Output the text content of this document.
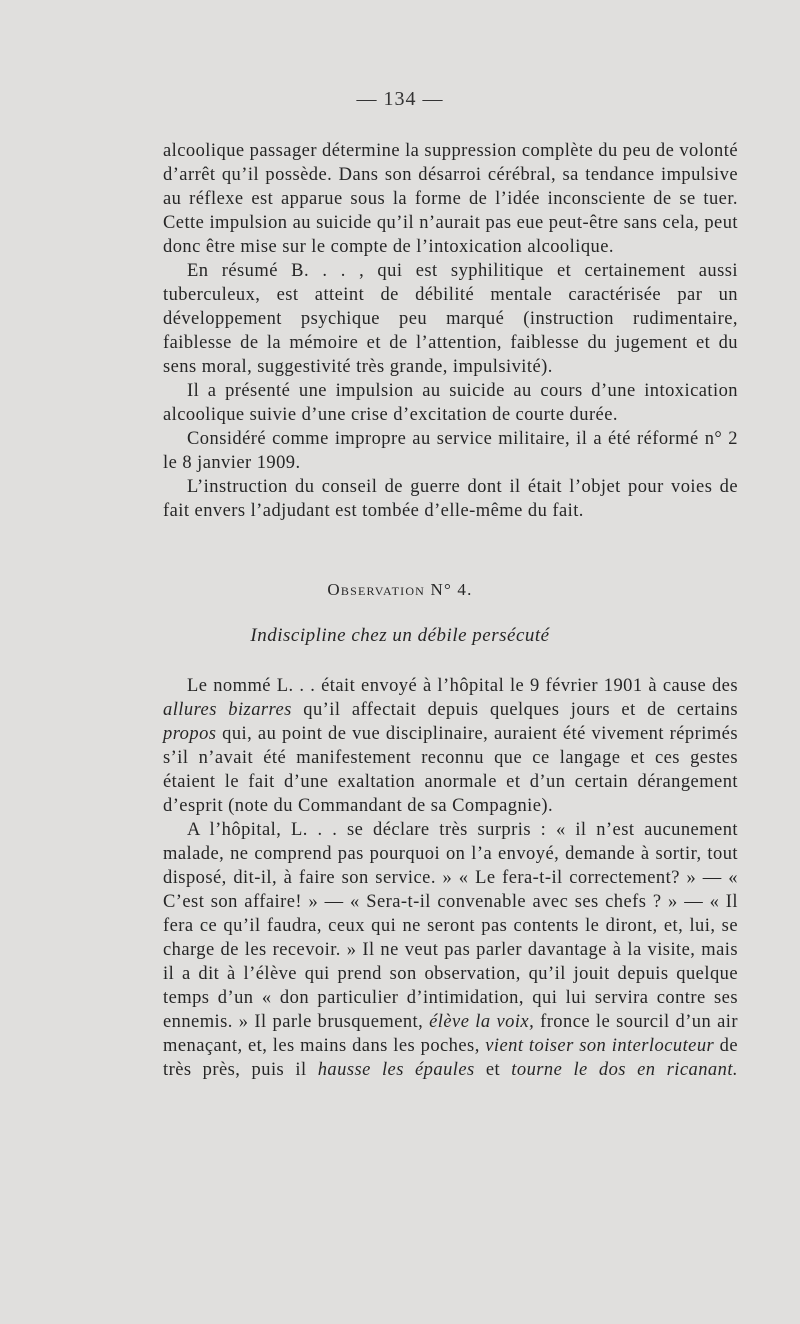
— 134 —

alcoolique passager détermine la suppression complète du peu de volonté d’arrêt qu’il possède. Dans son désarroi cérébral, sa tendance impulsive au réflexe est apparue sous la forme de l’idée inconsciente de se tuer. Cette impulsion au suicide qu’il n’aurait pas eue peut-être sans cela, peut donc être mise sur le compte de l’intoxication alcoolique.

En résumé B. . . , qui est syphilitique et certainement aussi tuberculeux, est atteint de débilité mentale caractérisée par un développement psychique peu marqué (instruction rudimentaire, faiblesse de la mémoire et de l’attention, faiblesse du jugement et du sens moral, suggestivité très grande, impulsivité).

Il a présenté une impulsion au suicide au cours d’une intoxication alcoolique suivie d’une crise d’excitation de courte durée.

Considéré comme impropre au service militaire, il a été réformé n° 2 le 8 janvier 1909.

L’instruction du conseil de guerre dont il était l’objet pour voies de fait envers l’adjudant est tombée d’elle-même du fait.

Observation N° 4.
Indiscipline chez un débile persécuté

Le nommé L. . . était envoyé à l’hôpital le 9 février 1901 à cause des allures bizarres qu’il affectait depuis quelques jours et de certains propos qui, au point de vue disciplinaire, auraient été vivement réprimés s’il n’avait été manifestement reconnu que ce langage et ces gestes étaient le fait d’une exaltation anormale et d’un certain dérangement d’esprit (note du Commandant de sa Compagnie).

A l’hôpital, L. . . se déclare très surpris : « il n’est aucunement malade, ne comprend pas pourquoi on l’a envoyé, demande à sortir, tout disposé, dit-il, à faire son service. » « Le fera-t-il correctement? » — « C’est son affaire! » — « Sera-t-il convenable avec ses chefs ? » — « Il fera ce qu’il faudra, ceux qui ne seront pas contents le diront, et, lui, se charge de les recevoir. » Il ne veut pas parler davantage à la visite, mais il a dit à l’élève qui prend son observation, qu’il jouit depuis quelque temps d’un « don particulier d’intimidation, qui lui servira contre ses ennemis. » Il parle brusquement, élève la voix, fronce le sourcil d’un air menaçant, et, les mains dans les poches, vient toiser son interlocuteur de très près, puis il hausse les épaules et tourne le dos en ricanant.
